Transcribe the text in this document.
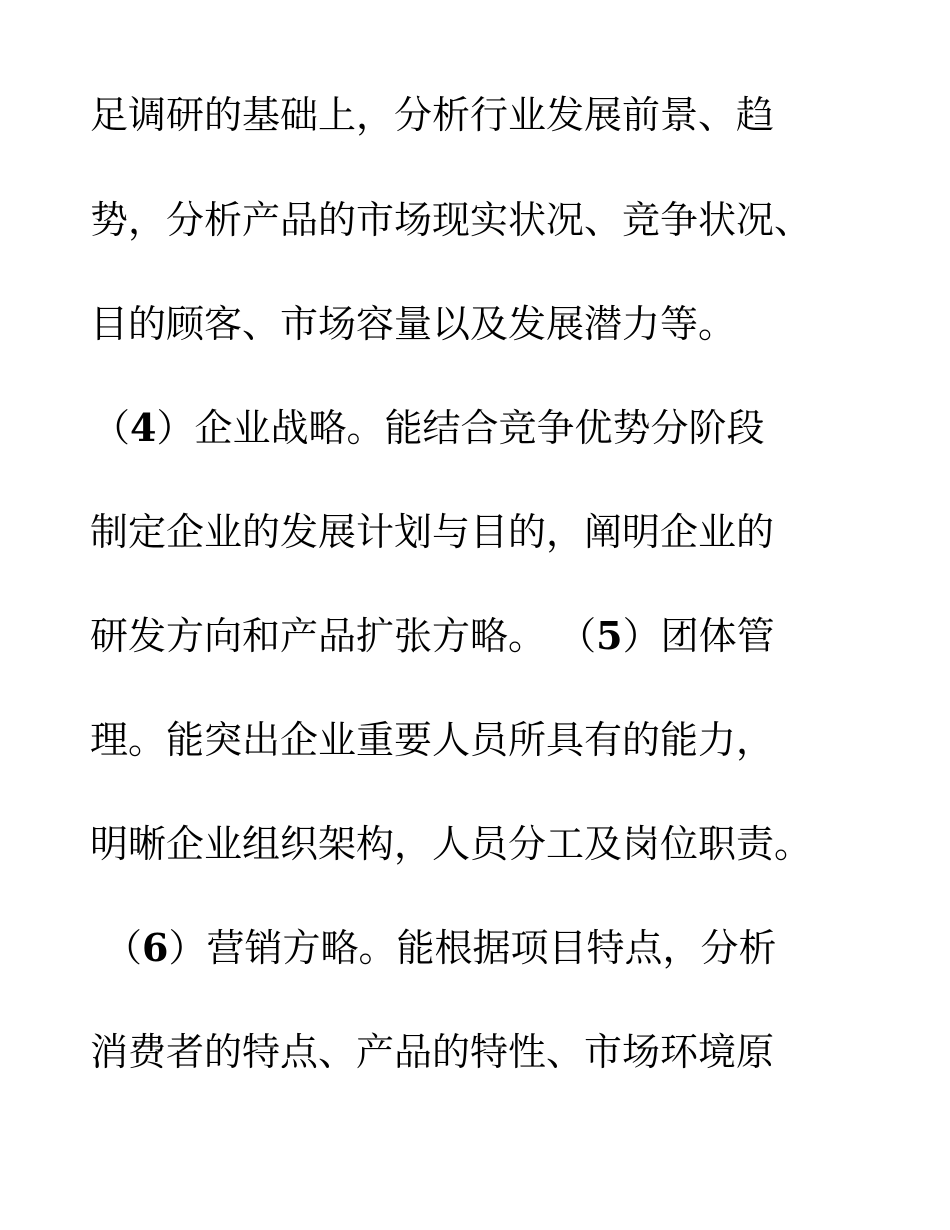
足调研的基础上，分析行业发展前景、趋
势，分析产品的市场现实状况、竞争状况、
目的顾客、市场容量以及发展潜力等。
（4）企业战略。能结合竞争优势分阶段
制定企业的发展计划与目的，阐明企业的
研发方向和产品扩张方略。 （5）团体管
理。能突出企业重要人员所具有的能力，
明晰企业组织架构，人员分工及岗位职责。
（6）营销方略。能根据项目特点，分析
消费者的特点、产品的特性、市场环境原
